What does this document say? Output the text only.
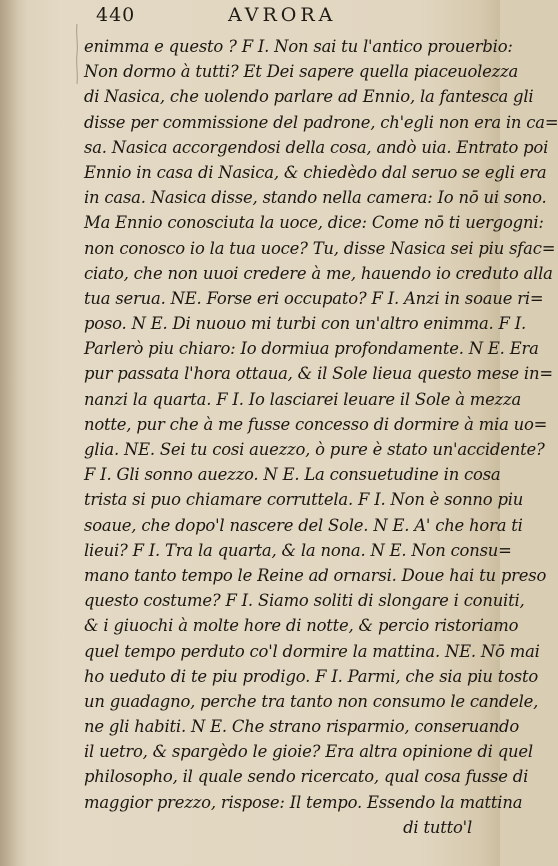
440	AVRORA
enimma e questo ? F I. Non sai tu l'antico prouerbio:
Non dormo à tutti? Et Dei sapere quella piaceuolezza
di Nasica, che uolendo parlare ad Ennio, la fantesca gli
disse per commissione del padrone, ch'egli non era in ca=
sa. Nasica accorgendosi della cosa, andò uia. Entrato poi
Ennio in casa di Nasica, & chiedèdo dal seruo se egli era
in casa. Nasica disse, stando nella camera: Io nō ui sono.
Ma Ennio conosciuta la uoce, dice: Come nō ti uergogni:
non conosco io la tua uoce? Tu, disse Nasica sei piu sfac=
ciato, che non uuoi credere à me, hauendo io creduto alla
tua serua. NE. Forse eri occupato? F I. Anzi in soaue ri=
poso. N E. Di nuouo mi turbi con un'altro enimma. F I.
Parlerò piu chiaro: Io dormiua profondamente. N E. Era
pur passata l'hora ottaua, & il Sole lieua questo mese in=
nanzi la quarta. F I. Io lasciarei leuare il Sole à mezza
notte, pur che à me fusse concesso di dormire à mia uo=
glia. NE. Sei tu cosi auezzo, ò pure è stato un'accidente?
F I. Gli sonno auezzo. N E. La consuetudine in cosa
trista si puo chiamare corruttela. F I. Non è sonno piu
soaue, che dopo'l nascere del Sole. N E. A' che hora ti
lieui? F I. Tra la quarta, & la nona. N E. Non consu=
mano tanto tempo le Reine ad ornarsi. Doue hai tu preso
questo costume? F I. Siamo soliti di slongare i conuiti,
& i giuochi à molte hore di notte, & percio ristoriamo
quel tempo perduto co'l dormire la mattina. NE. Nō mai
ho ueduto di te piu prodigo. F I. Parmi, che sia piu tosto
un guadagno, perche tra tanto non consumo le candele,
ne gli habiti. N E. Che strano risparmio, conseruando
il uetro, & spargèdo le gioie? Era altra opinione di quel
philosopho, il quale sendo ricercato, qual cosa fusse di
maggior prezzo, rispose: Il tempo. Essendo la mattina
di tutto'l
